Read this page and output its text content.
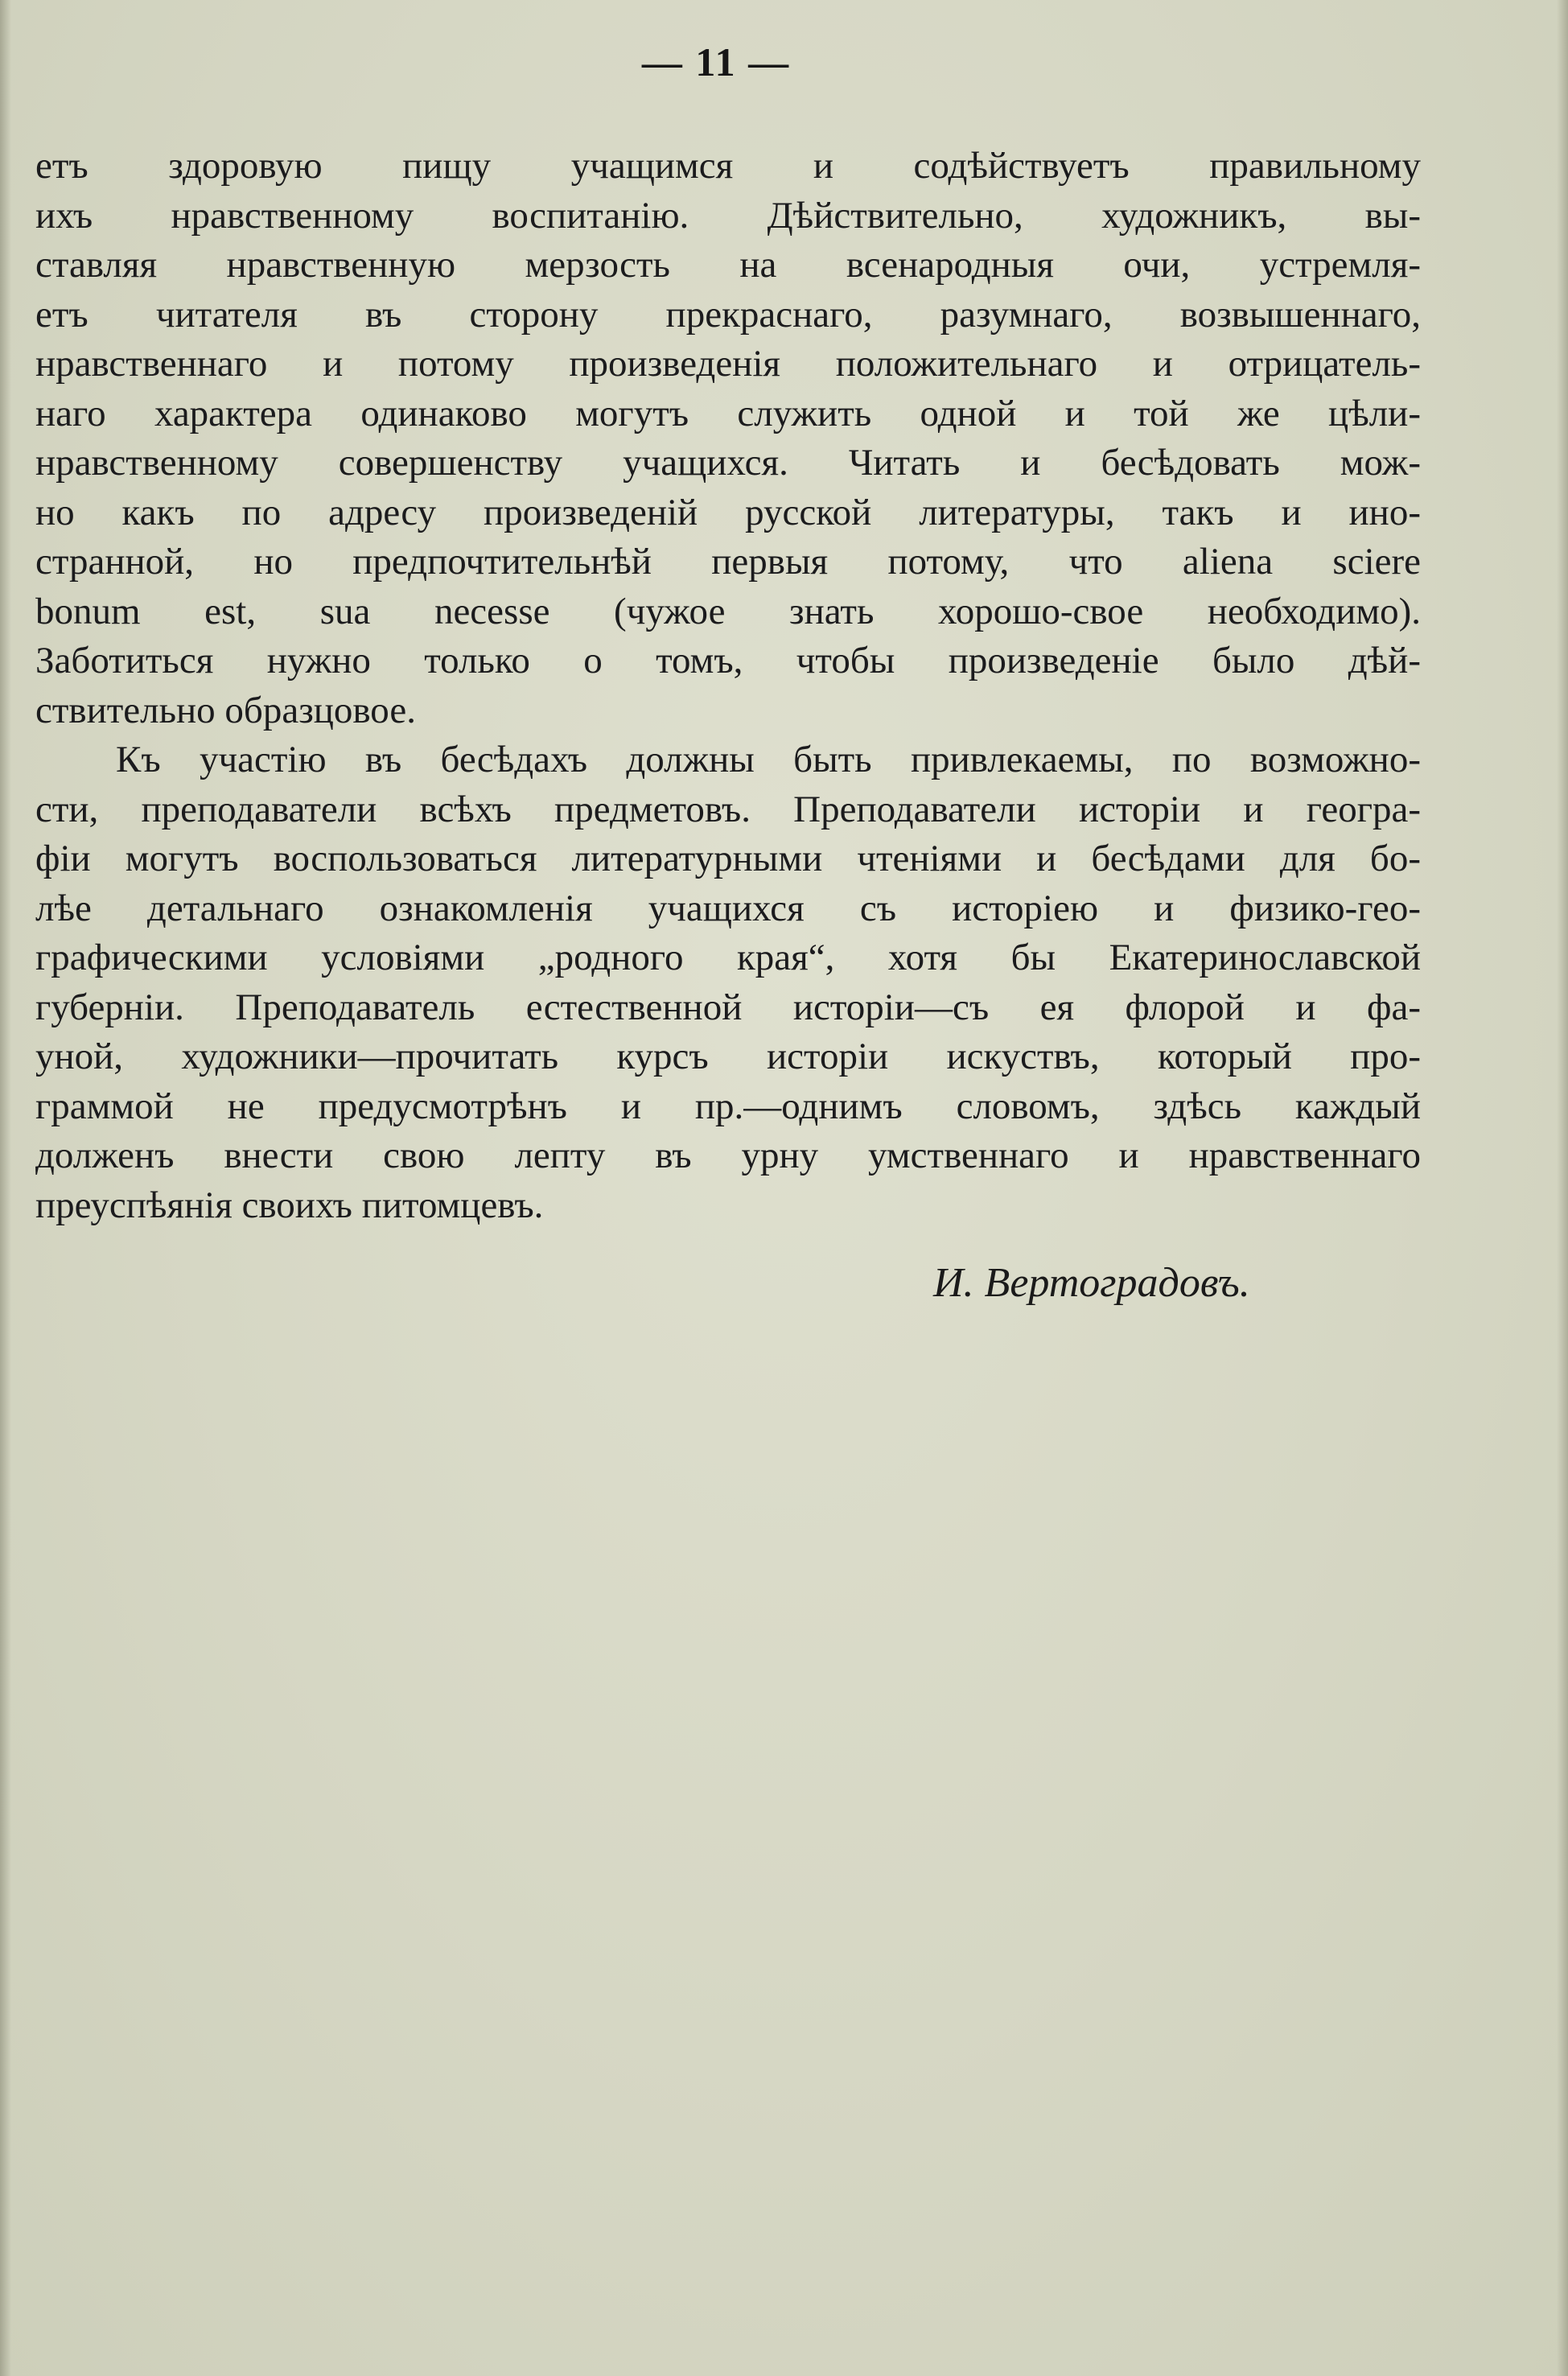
— 11 —
етъ здоровую пищу учащимся и содѣйствуетъ правильному
ихъ нравственному воспитанію. Дѣйствительно, художникъ, вы-
ставляя нравственную мерзость на всенародныя очи, устремля-
етъ читателя въ сторону прекраснаго, разумнаго, возвышеннаго,
нравственнаго и потому произведенія положительнаго и отрицатель-
наго характера одинаково могутъ служить одной и той же цѣли-
нравственному совершенству учащихся. Читать и бесѣдовать мож-
но какъ по адресу произведеній русской литературы, такъ и ино-
странной, но предпочтительнѣй первыя потому, что aliena sciere
bonum est, sua necesse (чужое знать хорошо-свое необходимо).
Заботиться нужно только о томъ, чтобы произведеніе было дѣй-
ствительно образцовое.
Къ участію въ бесѣдахъ должны быть привлекаемы, по возможно-
сти, преподаватели всѣхъ предметовъ. Преподаватели исторіи и геогра-
фіи могутъ воспользоваться литературными чтеніями и бесѣдами для бо-
лѣе детальнаго ознакомленія учащихся съ исторіею и физико-гео-
графическими условіями „родного края“, хотя бы Екатеринославской
губерніи. Преподаватель естественной исторіи—съ ея флорой и фа-
уной, художники—прочитать курсъ исторіи искуствъ, который про-
граммой не предусмотрѣнъ и пр.—однимъ словомъ, здѣсь каждый
долженъ внести свою лепту въ урну умственнаго и нравственнаго
преуспѣянія своихъ питомцевъ.
И. Вертоградовъ.
